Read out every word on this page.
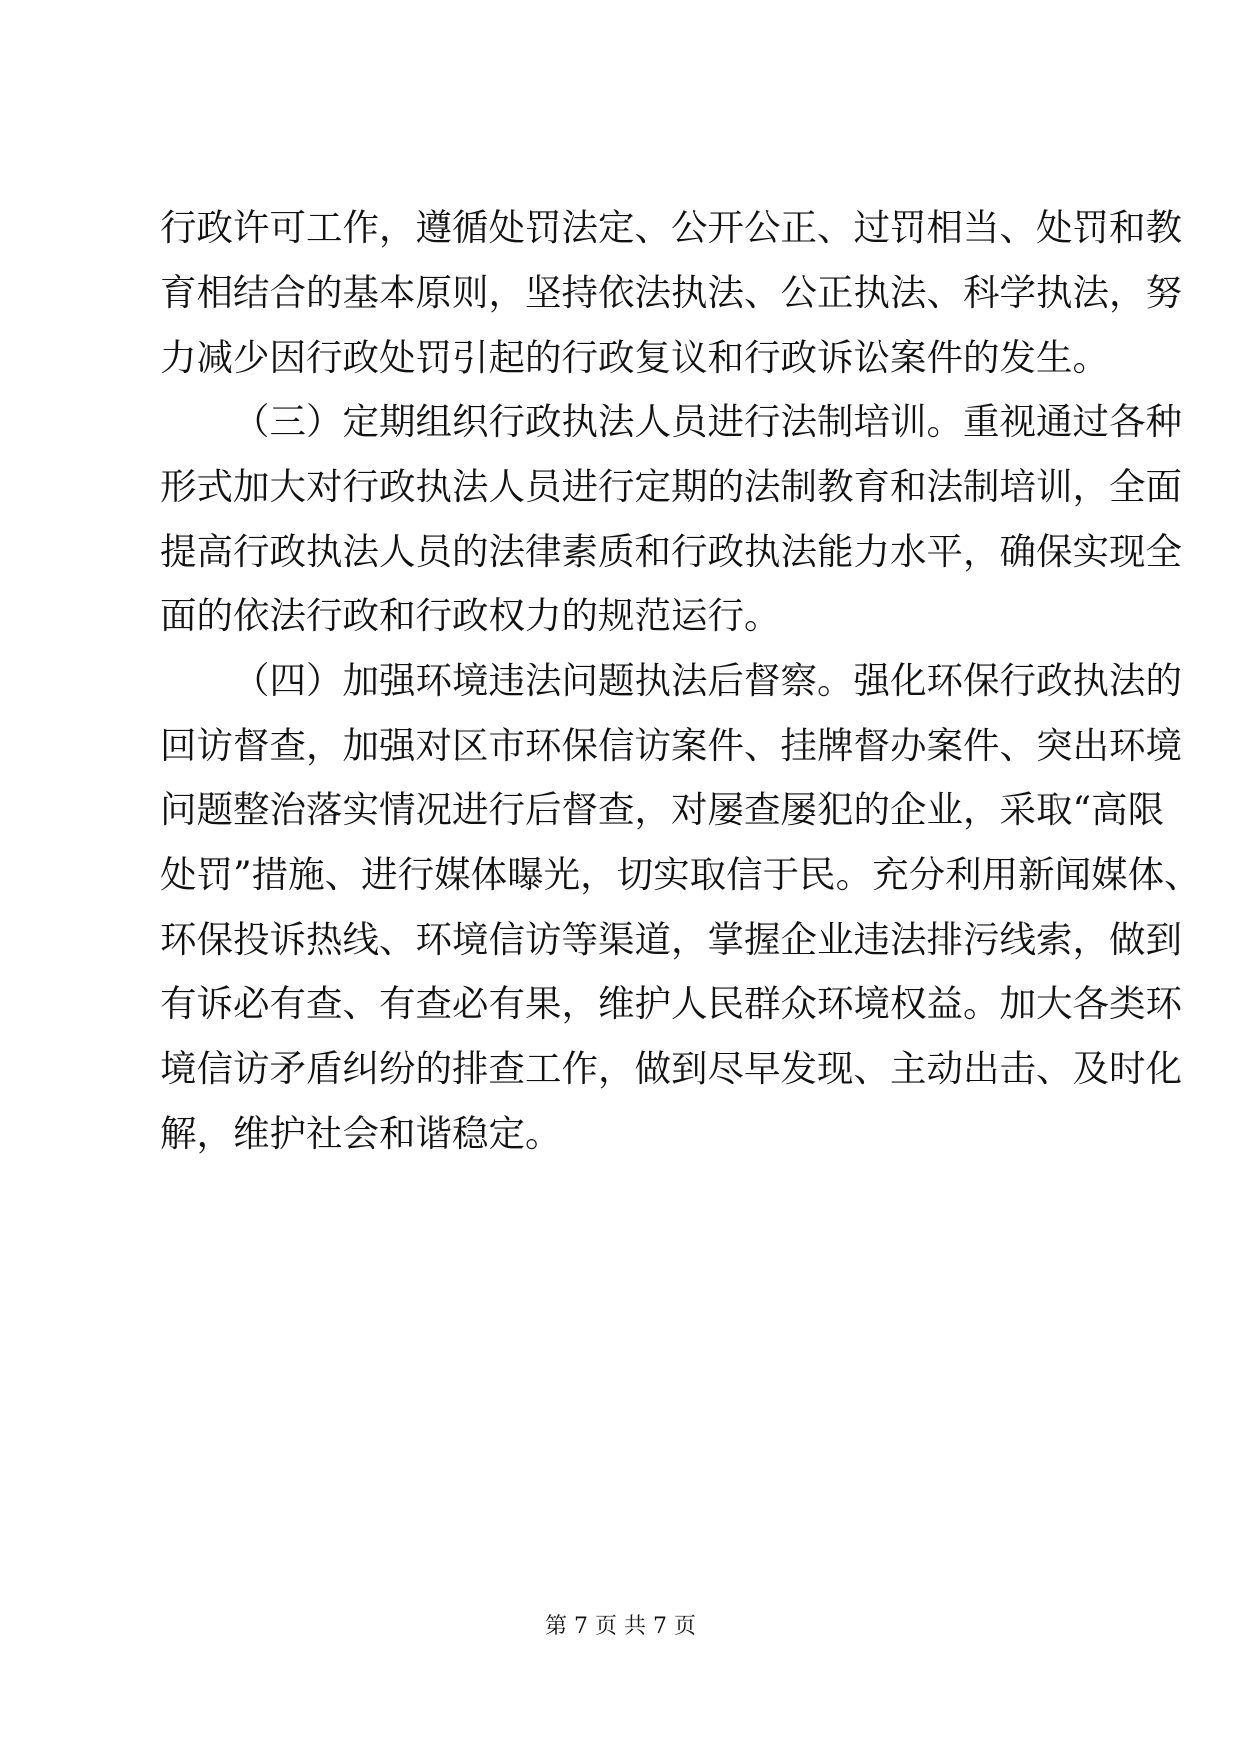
行政许可工作，遵循处罚法定、公开公正、过罚相当、处罚和教
育相结合的基本原则，坚持依法执法、公正执法、科学执法，努
力减少因行政处罚引起的行政复议和行政诉讼案件的发生。
（三）定期组织行政执法人员进行法制培训。重视通过各种
形式加大对行政执法人员进行定期的法制教育和法制培训，全面
提高行政执法人员的法律素质和行政执法能力水平，确保实现全
面的依法行政和行政权力的规范运行。
（四）加强环境违法问题执法后督察。强化环保行政执法的
回访督查，加强对区市环保信访案件、挂牌督办案件、突出环境
问题整治落实情况进行后督查，对屡查屡犯的企业，采取“高限
处罚”措施、进行媒体曝光，切实取信于民。充分利用新闻媒体、
环保投诉热线、环境信访等渠道，掌握企业违法排污线索，做到
有诉必有查、有查必有果，维护人民群众环境权益。加大各类环
境信访矛盾纠纷的排查工作，做到尽早发现、主动出击、及时化
解，维护社会和谐稳定。
第 7 页 共 7 页
